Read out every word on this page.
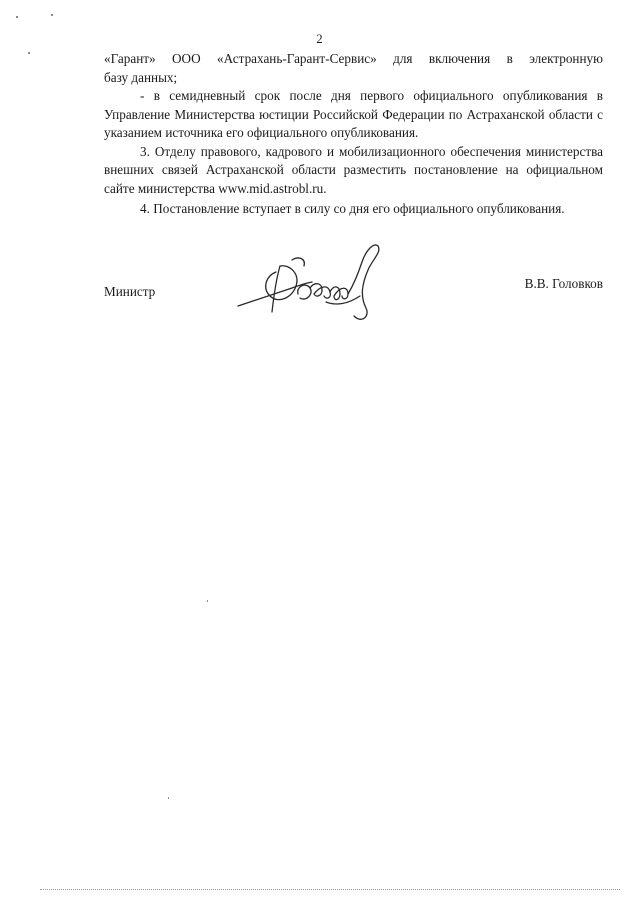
2

«Гарант» ООО «Астрахань-Гарант-Сервис» для включения в электронную

базу данных;

- в семидневный срок после дня первого официального опубликования в Управление Министерства юстиции Российской Федерации по Астраханской области с указанием источника его официального опубликования.

3. Отделу правового, кадрового и мобилизационного обеспечения министерства внешних связей Астраханской области разместить постановление на официальном сайте министерства www.mid.astrobl.ru.

4. Постановление вступает в силу со дня его официального опубликования.

Министр
В.В. Головков
